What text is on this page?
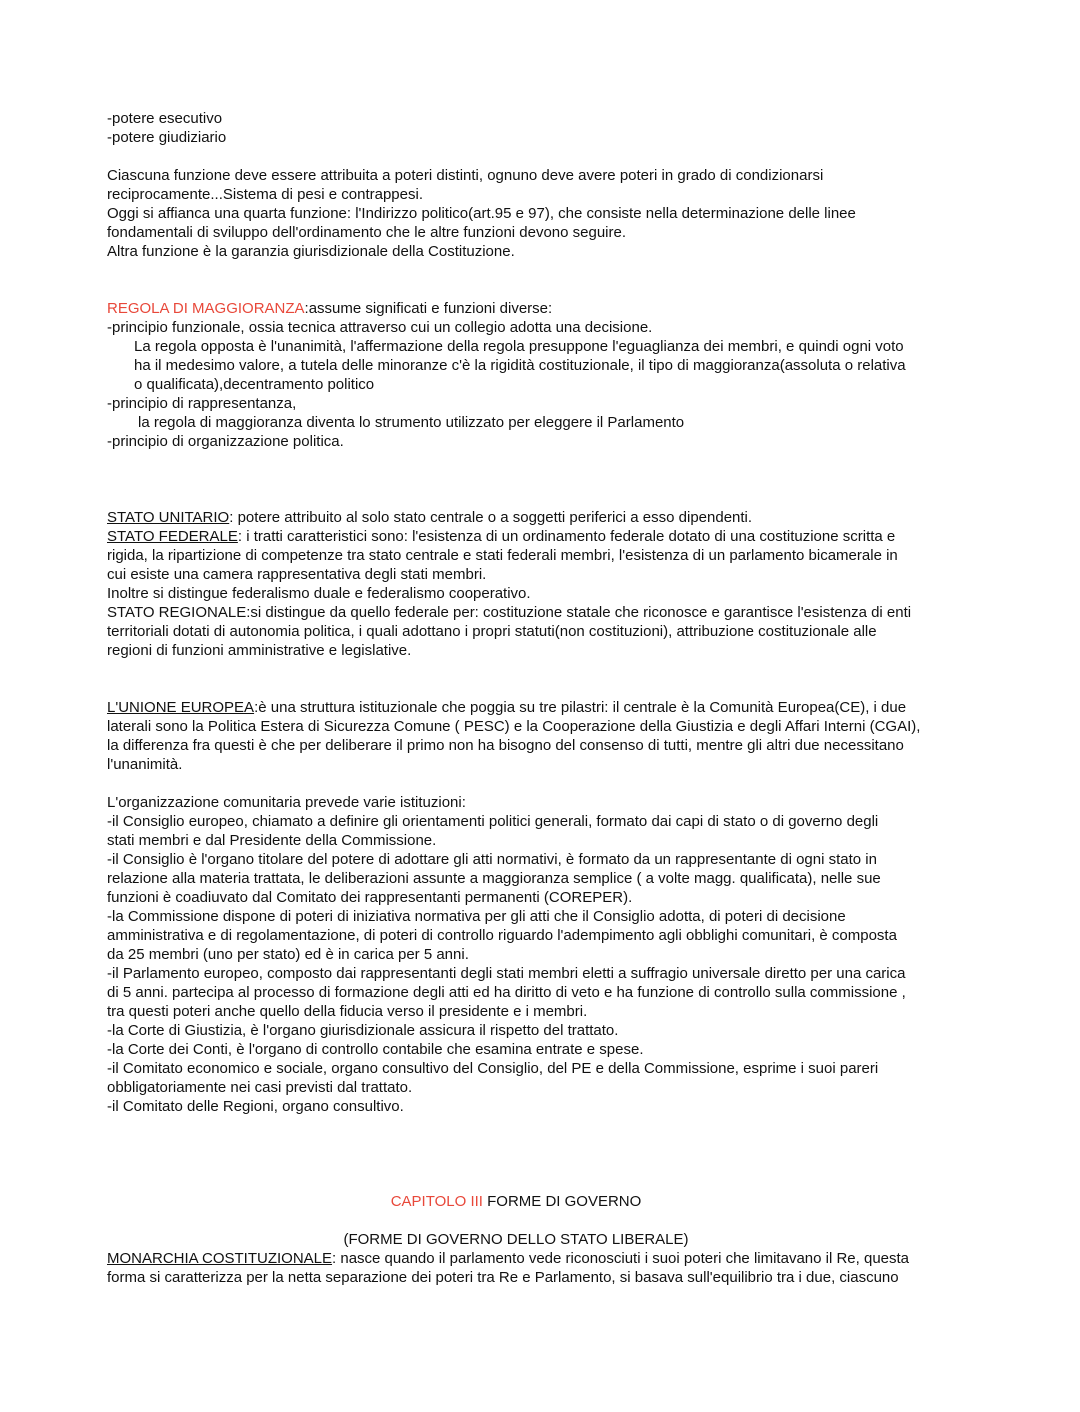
-potere esecutivo
-potere giudiziario
Ciascuna funzione deve essere attribuita a poteri distinti, ognuno deve avere poteri in grado di condizionarsi
reciprocamente...Sistema di pesi e contrappesi.
Oggi si affianca una quarta funzione: l'Indirizzo politico(art.95 e 97), che consiste nella determinazione delle linee
fondamentali di sviluppo dell'ordinamento che le altre funzioni devono seguire.
Altra funzione è la garanzia giurisdizionale della Costituzione.
REGOLA DI MAGGIORANZA:assume significati e funzioni diverse:
-principio funzionale, ossia tecnica attraverso cui un collegio adotta una decisione.
La regola opposta è l'unanimità, l'affermazione della regola presuppone l'eguaglianza dei membri, e quindi ogni voto
ha il medesimo valore, a tutela delle minoranze c'è la rigidità costituzionale, il tipo di maggioranza(assoluta o relativa
o qualificata),decentramento politico
-principio di rappresentanza,
la regola di maggioranza diventa lo strumento utilizzato per eleggere il Parlamento
-principio di organizzazione politica.
STATO UNITARIO: potere attribuito al solo stato centrale o a soggetti periferici a esso dipendenti.
STATO FEDERALE: i tratti caratteristici sono: l'esistenza di un ordinamento federale dotato di una costituzione scritta e
rigida, la ripartizione di competenze tra stato centrale e stati federali membri, l'esistenza di un parlamento bicamerale in
cui esiste una camera rappresentativa degli stati membri.
Inoltre si distingue federalismo duale e federalismo cooperativo.
STATO REGIONALE:si distingue da quello federale per: costituzione statale che riconosce e garantisce l'esistenza di enti
territoriali dotati di autonomia politica, i quali adottano i propri statuti(non costituzioni), attribuzione costituzionale alle
regioni di funzioni amministrative e legislative.
L'UNIONE EUROPEA:è una struttura istituzionale che poggia su tre pilastri: il centrale è la Comunità Europea(CE), i due
laterali sono la Politica Estera di Sicurezza Comune ( PESC) e la Cooperazione della Giustizia e degli Affari Interni (CGAI),
la differenza fra questi è che per deliberare il primo non ha bisogno del consenso di tutti, mentre gli altri due necessitano
l'unanimità.
L'organizzazione comunitaria prevede varie istituzioni:
-il Consiglio europeo, chiamato a definire gli orientamenti politici generali, formato dai capi di stato o di governo degli
stati membri e dal Presidente della Commissione.
-il Consiglio è l'organo titolare del potere di adottare gli atti normativi, è formato da un rappresentante di ogni stato in
relazione alla materia trattata, le deliberazioni assunte a maggioranza semplice ( a volte magg. qualificata), nelle sue
funzioni è coadiuvato dal Comitato dei rappresentanti permanenti (COREPER).
-la Commissione dispone di poteri di iniziativa normativa per gli atti che il Consiglio adotta, di poteri di decisione
amministrativa e di regolamentazione, di poteri di controllo riguardo l'adempimento agli obblighi comunitari, è composta
da 25 membri (uno per stato) ed è in carica per 5 anni.
-il Parlamento europeo, composto dai rappresentanti degli stati membri eletti a suffragio universale diretto per una carica
di 5 anni. partecipa al processo di formazione degli atti ed ha diritto di veto e ha funzione di controllo sulla commissione ,
tra questi poteri anche quello della fiducia verso il presidente e i membri.
-la Corte di Giustizia, è l'organo giurisdizionale assicura il rispetto del trattato.
-la Corte dei Conti, è l'organo di controllo contabile che esamina entrate e spese.
-il Comitato economico e sociale, organo consultivo del Consiglio, del PE e della Commissione, esprime i suoi pareri
obbligatoriamente nei casi previsti dal trattato.
-il Comitato delle Regioni, organo consultivo.
CAPITOLO III FORME DI GOVERNO
(FORME DI GOVERNO DELLO STATO LIBERALE)
MONARCHIA COSTITUZIONALE: nasce quando il parlamento vede riconosciuti i suoi poteri che limitavano il Re, questa
forma si caratterizza per la netta separazione dei poteri tra Re e Parlamento, si basava sull'equilibrio tra i due, ciascuno
